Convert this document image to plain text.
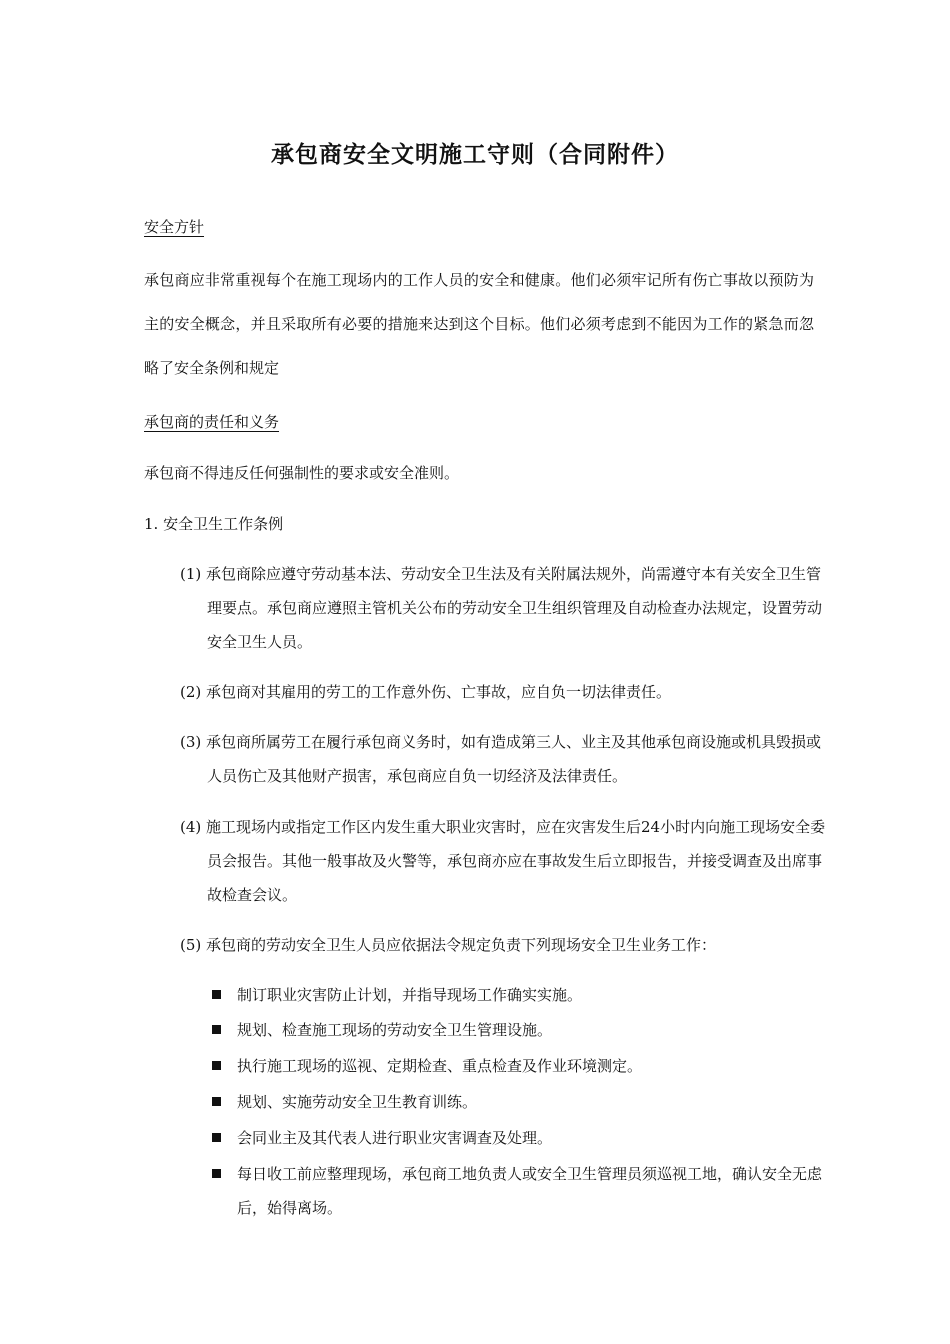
承包商安全文明施工守则（合同附件）
安全方针
承包商应非常重视每个在施工现场内的工作人员的安全和健康。他们必须牢记所有伤亡事故以预防为主的安全概念，并且采取所有必要的措施来达到这个目标。他们必须考虑到不能因为工作的紧急而忽略了安全条例和规定
承包商的责任和义务
承包商不得违反任何强制性的要求或安全准则。
1. 安全卫生工作条例
(1) 承包商除应遵守劳动基本法、劳动安全卫生法及有关附属法规外，尚需遵守本有关安全卫生管理要点。承包商应遵照主管机关公布的劳动安全卫生组织管理及自动检查办法规定，设置劳动安全卫生人员。
(2) 承包商对其雇用的劳工的工作意外伤、亡事故，应自负一切法律责任。
(3) 承包商所属劳工在履行承包商义务时，如有造成第三人、业主及其他承包商设施或机具毁损或人员伤亡及其他财产损害，承包商应自负一切经济及法律责任。
(4) 施工现场内或指定工作区内发生重大职业灾害时，应在灾害发生后24小时内向施工现场安全委员会报告。其他一般事故及火警等，承包商亦应在事故发生后立即报告，并接受调查及出席事故检查会议。
(5) 承包商的劳动安全卫生人员应依据法令规定负责下列现场安全卫生业务工作：
制订职业灾害防止计划，并指导现场工作确实实施。
规划、检查施工现场的劳动安全卫生管理设施。
执行施工现场的巡视、定期检查、重点检查及作业环境测定。
规划、实施劳动安全卫生教育训练。
会同业主及其代表人进行职业灾害调查及处理。
每日收工前应整理现场，承包商工地负责人或安全卫生管理员须巡视工地，确认安全无虑后，始得离场。
